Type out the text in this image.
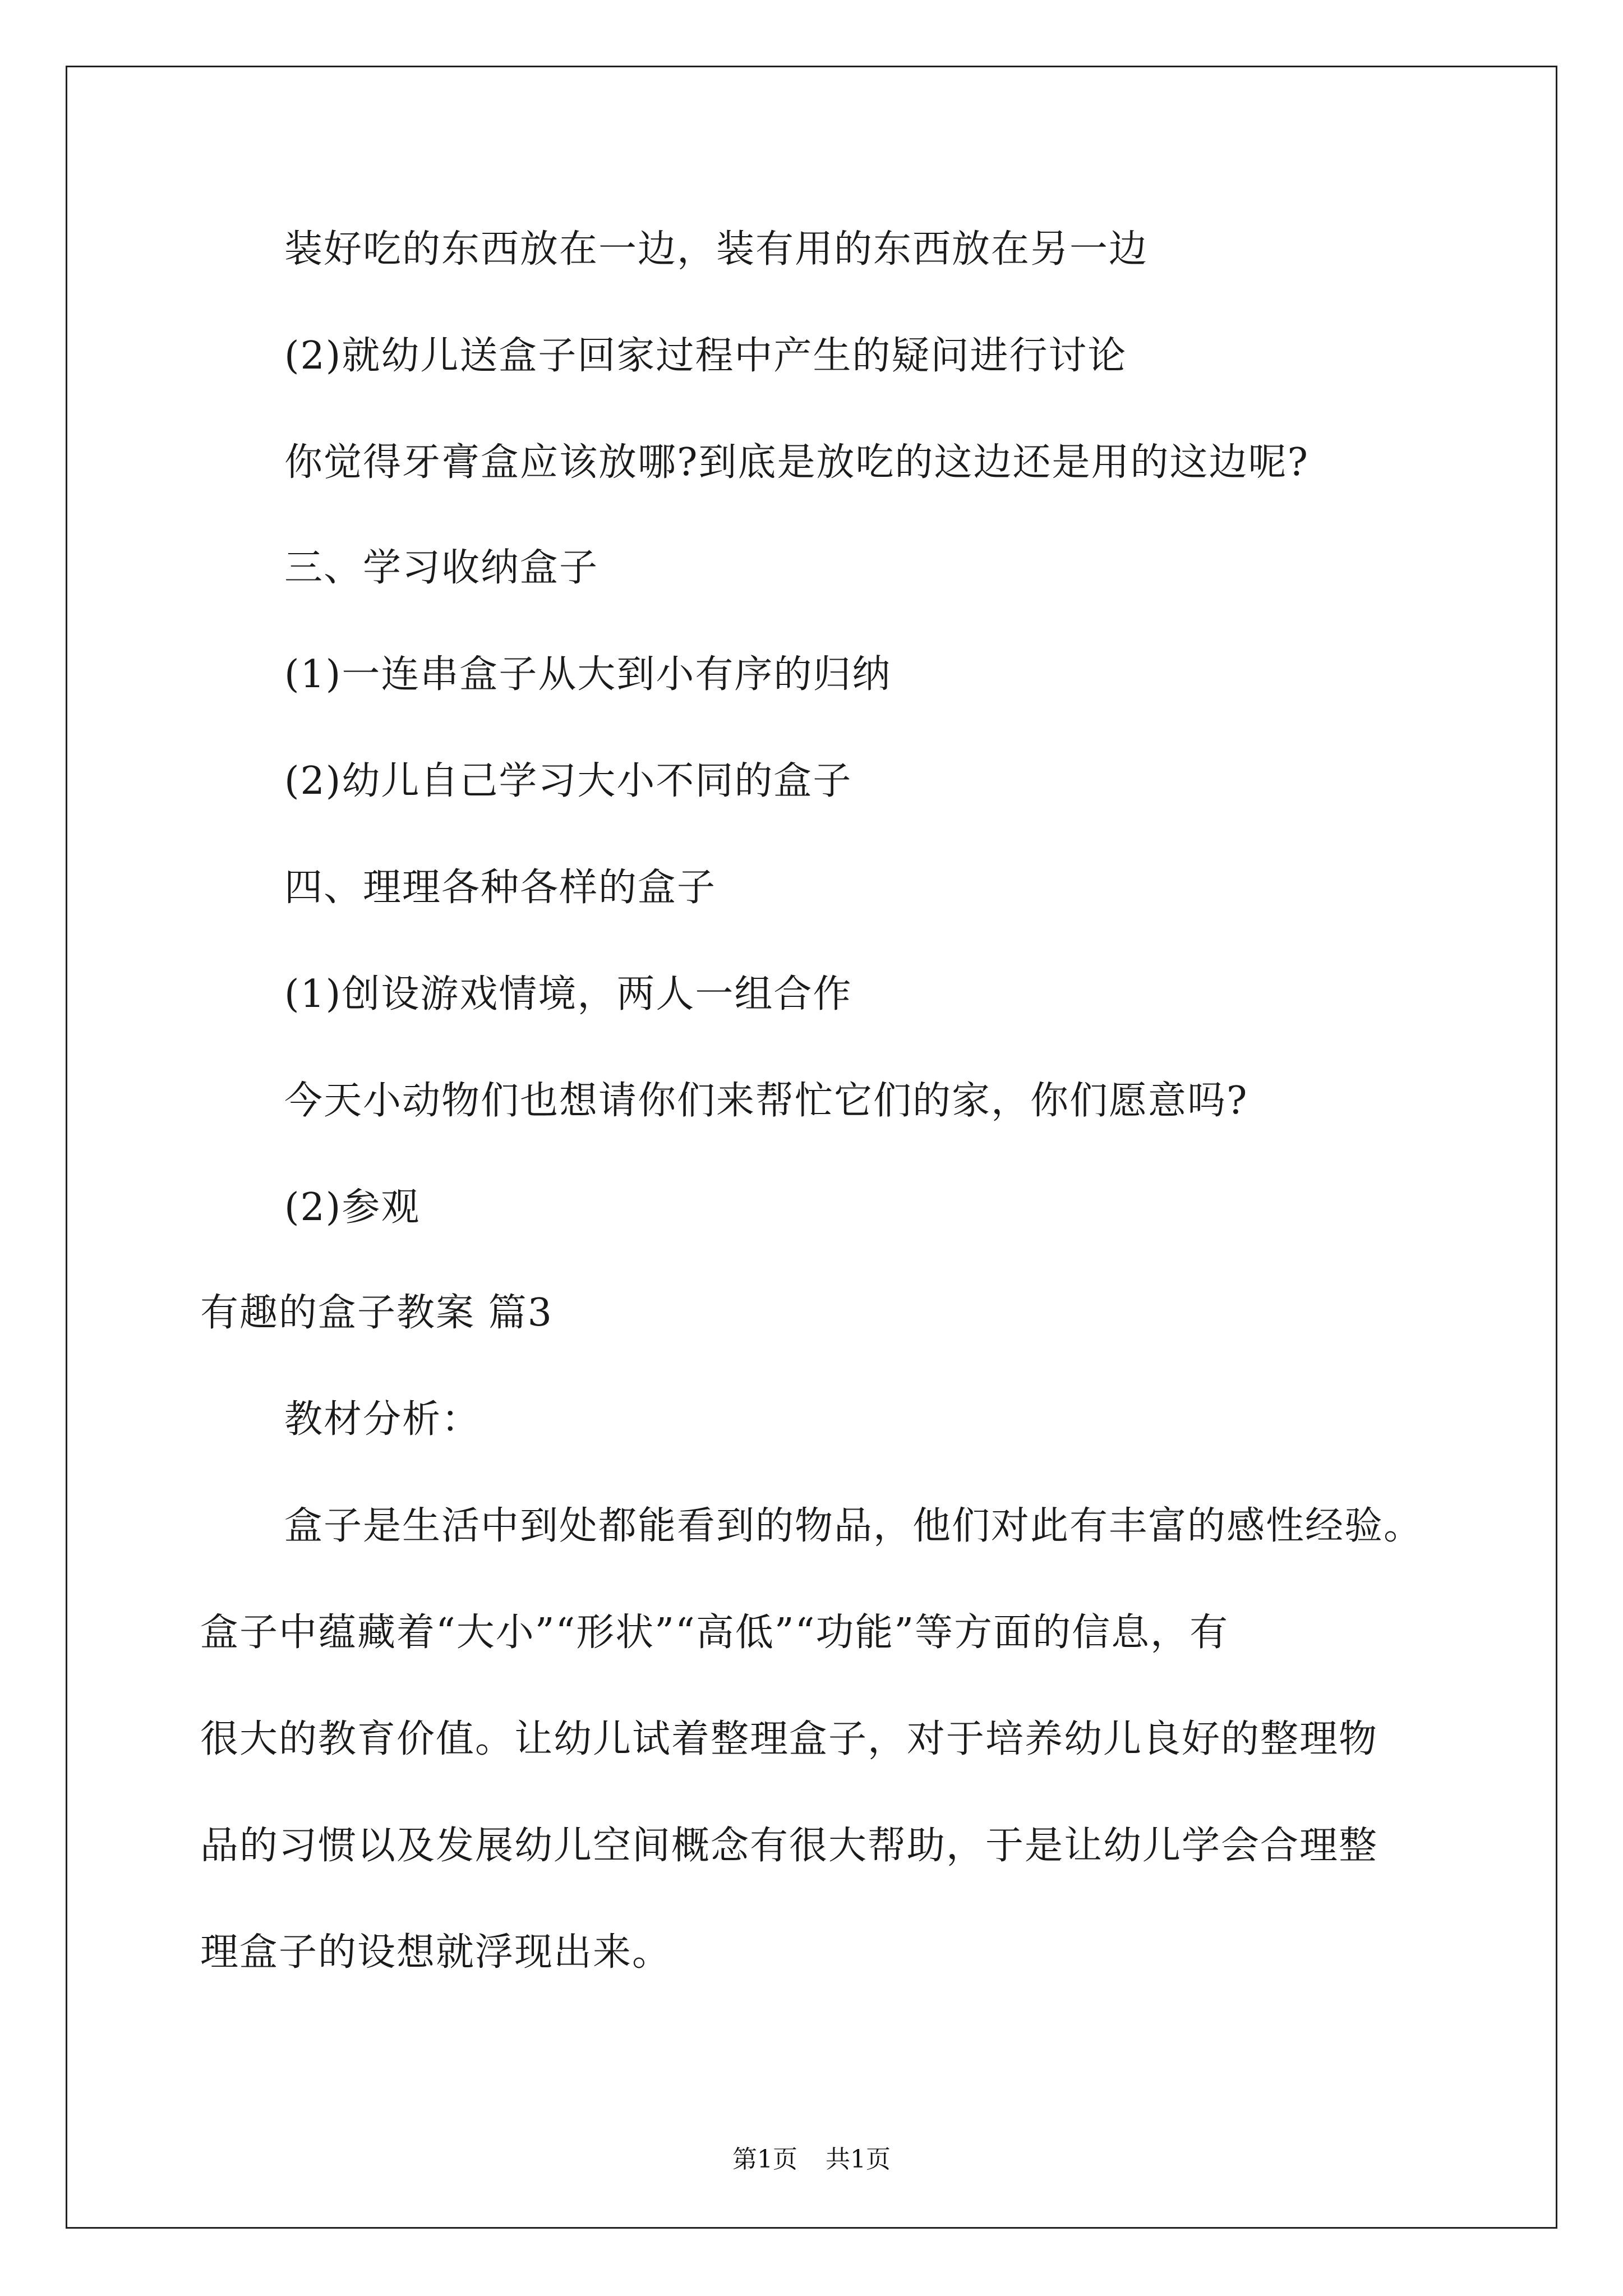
装好吃的东西放在一边，装有用的东西放在另一边
(2)就幼儿送盒子回家过程中产生的疑问进行讨论
你觉得牙膏盒应该放哪?到底是放吃的这边还是用的这边呢?
三、学习收纳盒子
(1)一连串盒子从大到小有序的归纳
(2)幼儿自己学习大小不同的盒子
四、理理各种各样的盒子
(1)创设游戏情境，两人一组合作
今天小动物们也想请你们来帮忙它们的家，你们愿意吗?
(2)参观
有趣的盒子教案 篇3
教材分析：
盒子是生活中到处都能看到的物品，他们对此有丰富的感性经验。
盒子中蕴藏着“大小”“形状”“高低”“功能”等方面的信息，有
很大的教育价值。让幼儿试着整理盒子，对于培养幼儿良好的整理物
品的习惯以及发展幼儿空间概念有很大帮助，于是让幼儿学会合理整
理盒子的设想就浮现出来。
第1页 共1页
